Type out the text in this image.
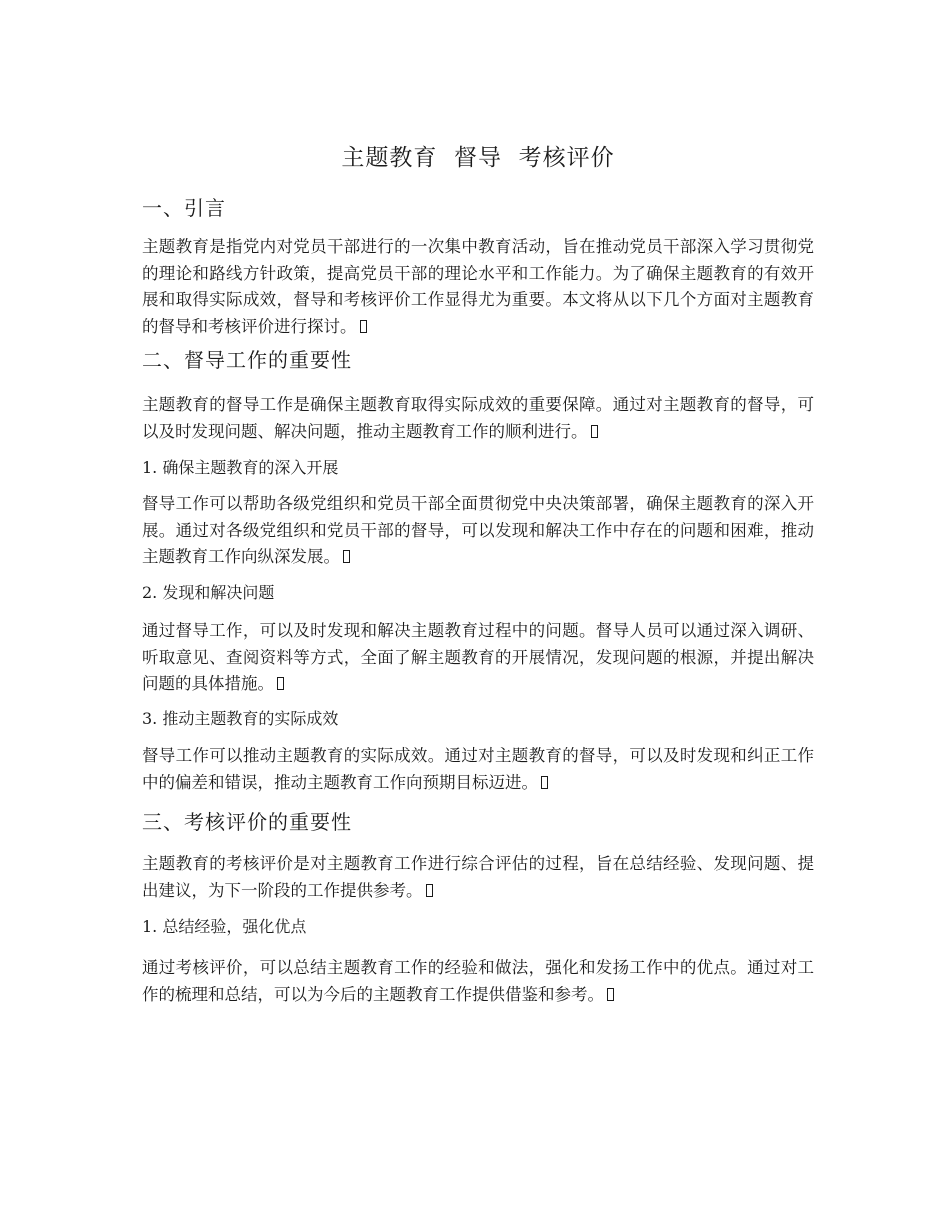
主题教育  督导  考核评价
一、引言

主题教育是指党内对党员干部进行的一次集中教育活动，旨在推动党员干部深入学习贯彻党的理论和路线方针政策，提高党员干部的理论水平和工作能力。为了确保主题教育的有效开展和取得实际成效，督导和考核评价工作显得尤为重要。本文将从以下几个方面对主题教育的督导和考核评价进行探讨。

二、督导工作的重要性

主题教育的督导工作是确保主题教育取得实际成效的重要保障。通过对主题教育的督导，可以及时发现问题、解决问题，推动主题教育工作的顺利进行。

1. 确保主题教育的深入开展

督导工作可以帮助各级党组织和党员干部全面贯彻党中央决策部署，确保主题教育的深入开展。通过对各级党组织和党员干部的督导，可以发现和解决工作中存在的问题和困难，推动主题教育工作向纵深发展。

2. 发现和解决问题

通过督导工作，可以及时发现和解决主题教育过程中的问题。督导人员可以通过深入调研、听取意见、查阅资料等方式，全面了解主题教育的开展情况，发现问题的根源，并提出解决问题的具体措施。

3. 推动主题教育的实际成效

督导工作可以推动主题教育的实际成效。通过对主题教育的督导，可以及时发现和纠正工作中的偏差和错误，推动主题教育工作向预期目标迈进。

三、考核评价的重要性

主题教育的考核评价是对主题教育工作进行综合评估的过程，旨在总结经验、发现问题、提出建议，为下一阶段的工作提供参考。

1. 总结经验，强化优点

通过考核评价，可以总结主题教育工作的经验和做法，强化和发扬工作中的优点。通过对工作的梳理和总结，可以为今后的主题教育工作提供借鉴和参考。
